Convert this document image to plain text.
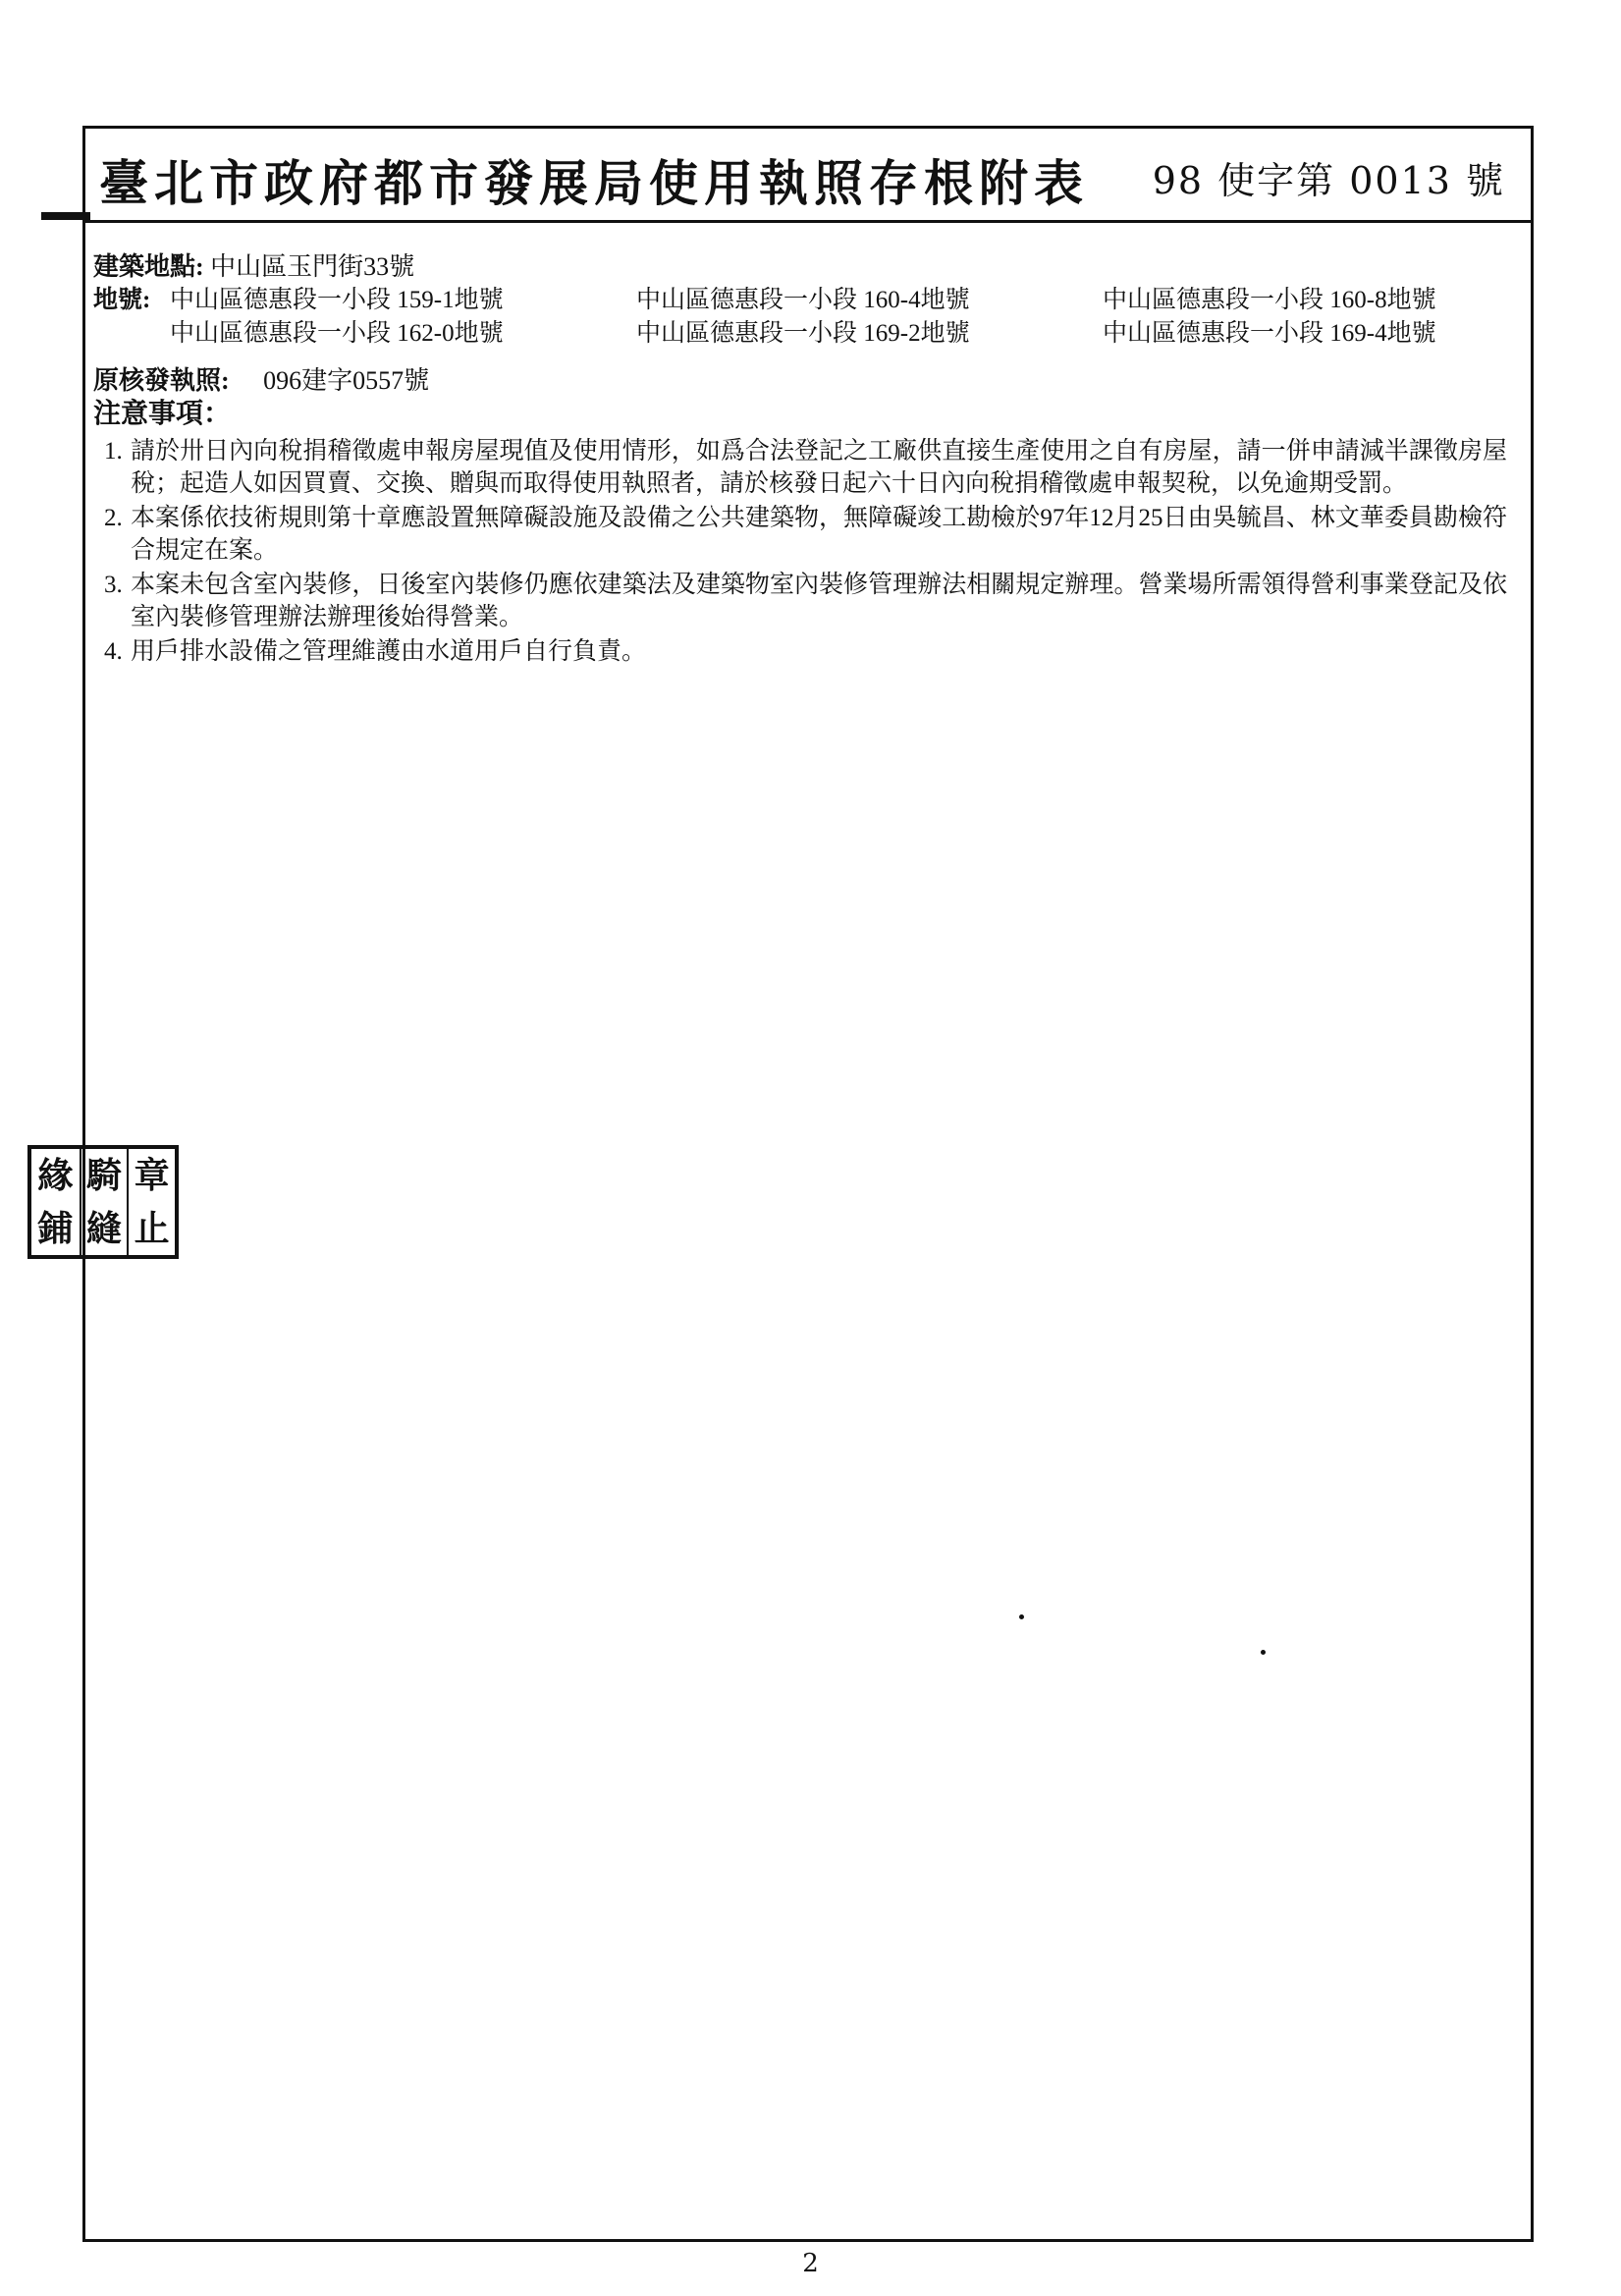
臺北市政府都市發展局使用執照存根附表 98 使字第 0013 號
建築地點: 中山區玉門街33號
地號: 中山區德惠段一小段 159-1地號	中山區德惠段一小段 160-4地號	中山區德惠段一小段 160-8地號
中山區德惠段一小段 162-0地號	中山區德惠段一小段 169-2地號	中山區德惠段一小段 169-4地號
原核發執照: 096建字0557號
注意事項：
1. 請於卅日內向稅捐稽徵處申報房屋現值及使用情形，如爲合法登記之工廠供直接生產使用之自有房屋，請一併申請減半課徵房屋稅；起造人如因買賣、交換、贈與而取得使用執照者，請於核發日起六十日內向稅捐稽徵處申報契稅，以免逾期受罰。
2. 本案係依技術規則第十章應設置無障礙設施及設備之公共建築物，無障礙竣工勘檢於97年12月25日由吳毓昌、林文華委員勘檢符合規定在案。
3. 本案未包含室內裝修，日後室內裝修仍應依建築法及建築物室內裝修管理辦法相關規定辦理。營業場所需領得營利事業登記及依室內裝修管理辦法辦理後始得營業。
4. 用戶排水設備之管理維護由水道用戶自行負責。
緣 騎 章
鋪 縫 止
2
